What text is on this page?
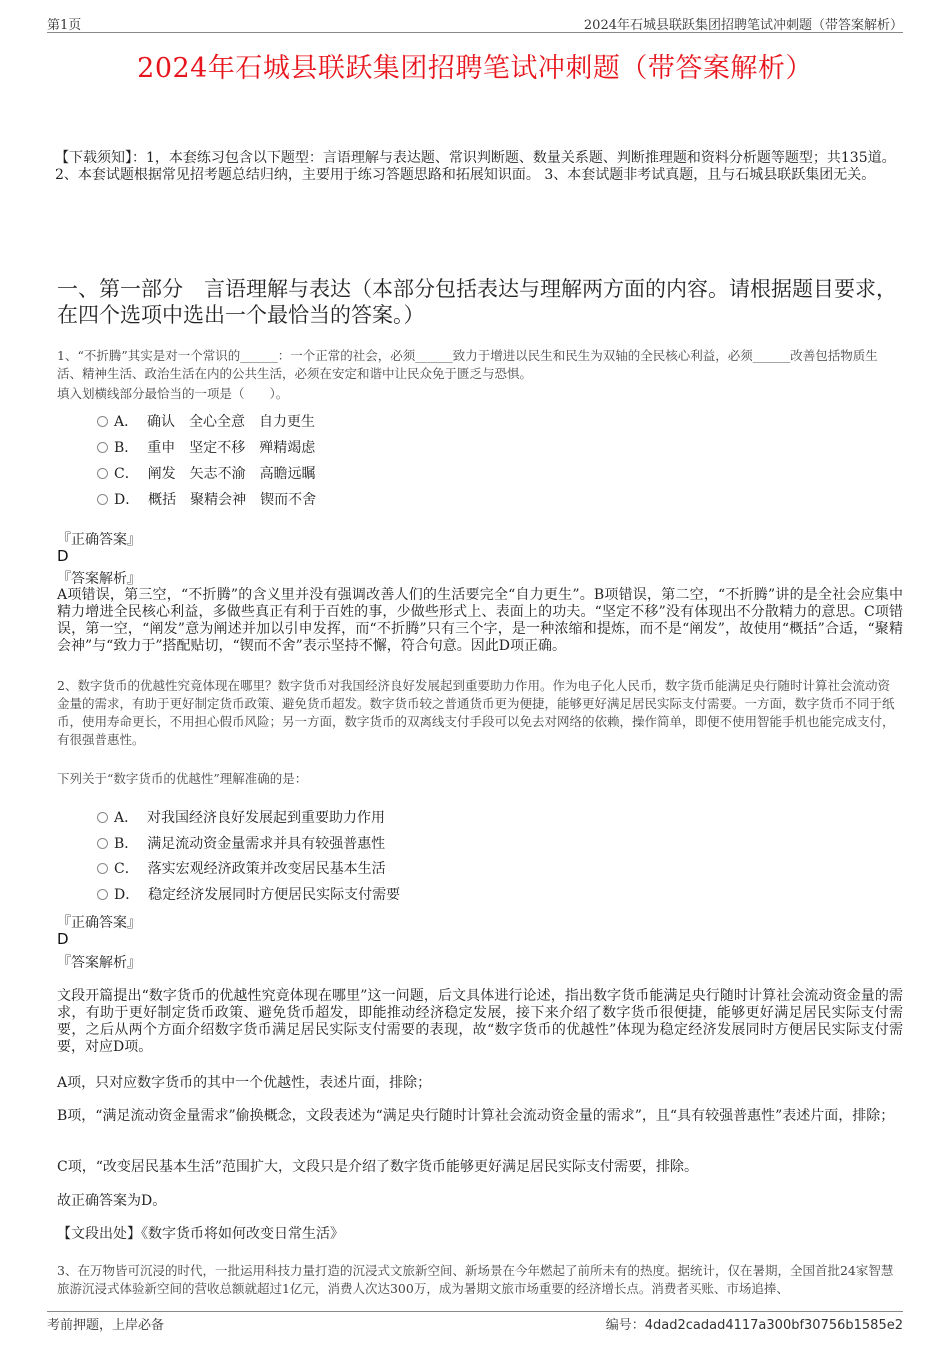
第1页	2024年石城县联跃集团招聘笔试冲刺题（带答案解析）
2024年石城县联跃集团招聘笔试冲刺题（带答案解析）
【下载须知】：1，本套练习包含以下题型：言语理解与表达题、常识判断题、数量关系题、判断推理题和资料分析题等题型；共135道。 2、本套试题根据常见招考题总结归纳，主要用于练习答题思路和拓展知识面。 3、本套试题非考试真题，且与石城县联跃集团无关。
一、第一部分　言语理解与表达（本部分包括表达与理解两方面的内容。请根据题目要求，在四个选项中选出一个最恰当的答案。）
1、“不折腾”其实是对一个常识的______：一个正常的社会，必须______致力于增进以民生和民生为双轴的全民核心利益，必须______改善包括物质生活、精神生活、政治生活在内的公共生活，必须在安定和谐中让民众免于匮乏与恐惧。
填入划横线部分最恰当的一项是（　　）。
A．  确认　全心全意　自力更生
B．  重申　坚定不移　殚精竭虑
C．  阐发　矢志不渝　高瞻远瞩
D．  概括　聚精会神　锲而不舍
『正确答案』
D
『答案解析』
A项错误，第三空，“不折腾”的含义里并没有强调改善人们的生活要完全“自力更生”。B项错误，第二空，“不折腾”讲的是全社会应集中精力增进全民核心利益，多做些真正有利于百姓的事，少做些形式上、表面上的功夫。“坚定不移”没有体现出不分散精力的意思。C项错误，第一空，“阐发”意为阐述并加以引申发挥，而“不折腾”只有三个字，是一种浓缩和提炼，而不是“阐发”，故使用“概括”合适，“聚精会神”与“致力于”搭配贴切，“锲而不舍”表示坚持不懈，符合句意。因此D项正确。
2、数字货币的优越性究竟体现在哪里？数字货币对我国经济良好发展起到重要助力作用。作为电子化人民币，数字货币能满足央行随时计算社会流动资金量的需求，有助于更好制定货币政策、避免货币超发。数字货币较之普通货币更为便捷，能够更好满足居民实际支付需要。一方面，数字货币不同于纸币，使用寿命更长，不用担心假币风险；另一方面，数字货币的双离线支付手段可以免去对网络的依赖，操作简单，即便不使用智能手机也能完成支付，有很强普惠性。
下列关于“数字货币的优越性”理解准确的是：
A．  对我国经济良好发展起到重要助力作用
B．  满足流动资金量需求并具有较强普惠性
C．  落实宏观经济政策并改变居民基本生活
D．  稳定经济发展同时方便居民实际支付需要
『正确答案』
D
『答案解析』
文段开篇提出“数字货币的优越性究竟体现在哪里”这一问题，后文具体进行论述，指出数字货币能满足央行随时计算社会流动资金量的需求，有助于更好制定货币政策、避免货币超发，即能推动经济稳定发展，接下来介绍了数字货币很便捷，能够更好满足居民实际支付需要，之后从两个方面介绍数字货币满足居民实际支付需要的表现，故“数字货币的优越性”体现为稳定经济发展同时方便居民实际支付需要，对应D项。
A项，只对应数字货币的其中一个优越性，表述片面，排除；
B项，“满足流动资金量需求”偷换概念，文段表述为“满足央行随时计算社会流动资金量的需求”，且“具有较强普惠性”表述片面，排除；
C项，“改变居民基本生活”范围扩大，文段只是介绍了数字货币能够更好满足居民实际支付需要，排除。
故正确答案为D。
【文段出处】《数字货币将如何改变日常生活》
3、在万物皆可沉浸的时代，一批运用科技力量打造的沉浸式文旅新空间、新场景在今年燃起了前所未有的热度。据统计，仅在暑期，全国首批24家智慧旅游沉浸式体验新空间的营收总额就超过1亿元，消费人次达300万，成为暑期文旅市场重要的经济增长点。消费者买账、市场追捧、
考前押题，上岸必备	编号：4dad2cadad4117a300bf30756b1585e2
